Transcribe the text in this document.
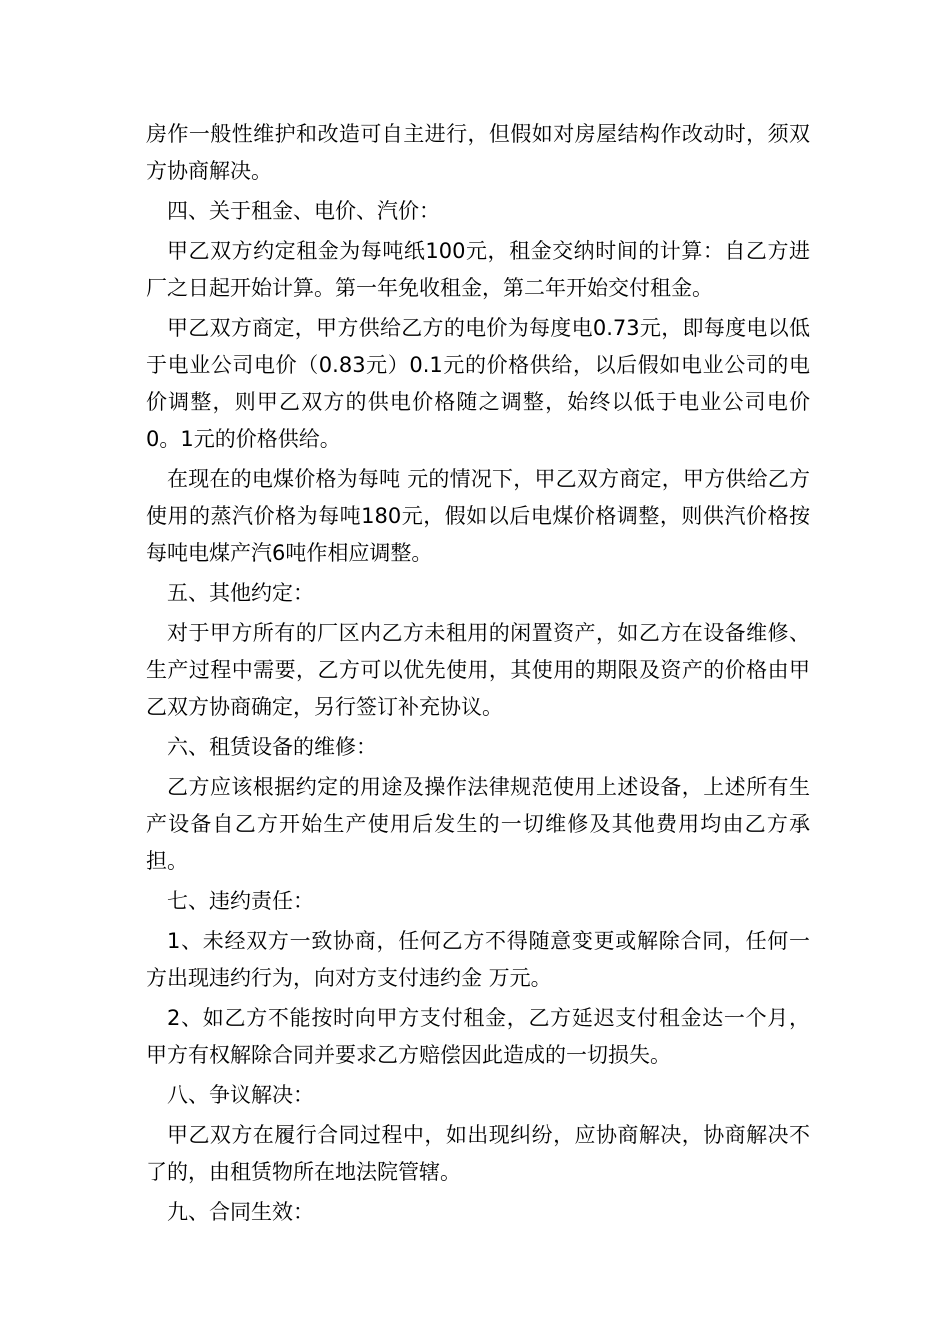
房作一般性维护和改造可自主进行，但假如对房屋结构作改动时，须双方协商解决。

四、关于租金、电价、汽价：

甲乙双方约定租金为每吨纸100元，租金交纳时间的计算：自乙方进厂之日起开始计算。第一年免收租金，第二年开始交付租金。

甲乙双方商定，甲方供给乙方的电价为每度电0.73元，即每度电以低于电业公司电价（0.83元）0.1元的价格供给，以后假如电业公司的电价调整，则甲乙双方的供电价格随之调整，始终以低于电业公司电价0。1元的价格供给。

在现在的电煤价格为每吨 元的情况下，甲乙双方商定，甲方供给乙方使用的蒸汽价格为每吨180元，假如以后电煤价格调整，则供汽价格按每吨电煤产汽6吨作相应调整。

五、其他约定：

对于甲方所有的厂区内乙方未租用的闲置资产，如乙方在设备维修、生产过程中需要，乙方可以优先使用，其使用的期限及资产的价格由甲乙双方协商确定，另行签订补充协议。

六、租赁设备的维修：

乙方应该根据约定的用途及操作法律规范使用上述设备，上述所有生产设备自乙方开始生产使用后发生的一切维修及其他费用均由乙方承担。

七、违约责任：

1、未经双方一致协商，任何乙方不得随意变更或解除合同，任何一方出现违约行为，向对方支付违约金 万元。

2、如乙方不能按时向甲方支付租金，乙方延迟支付租金达一个月，甲方有权解除合同并要求乙方赔偿因此造成的一切损失。

八、争议解决：

甲乙双方在履行合同过程中，如出现纠纷，应协商解决，协商解决不了的，由租赁物所在地法院管辖。

九、合同生效：
